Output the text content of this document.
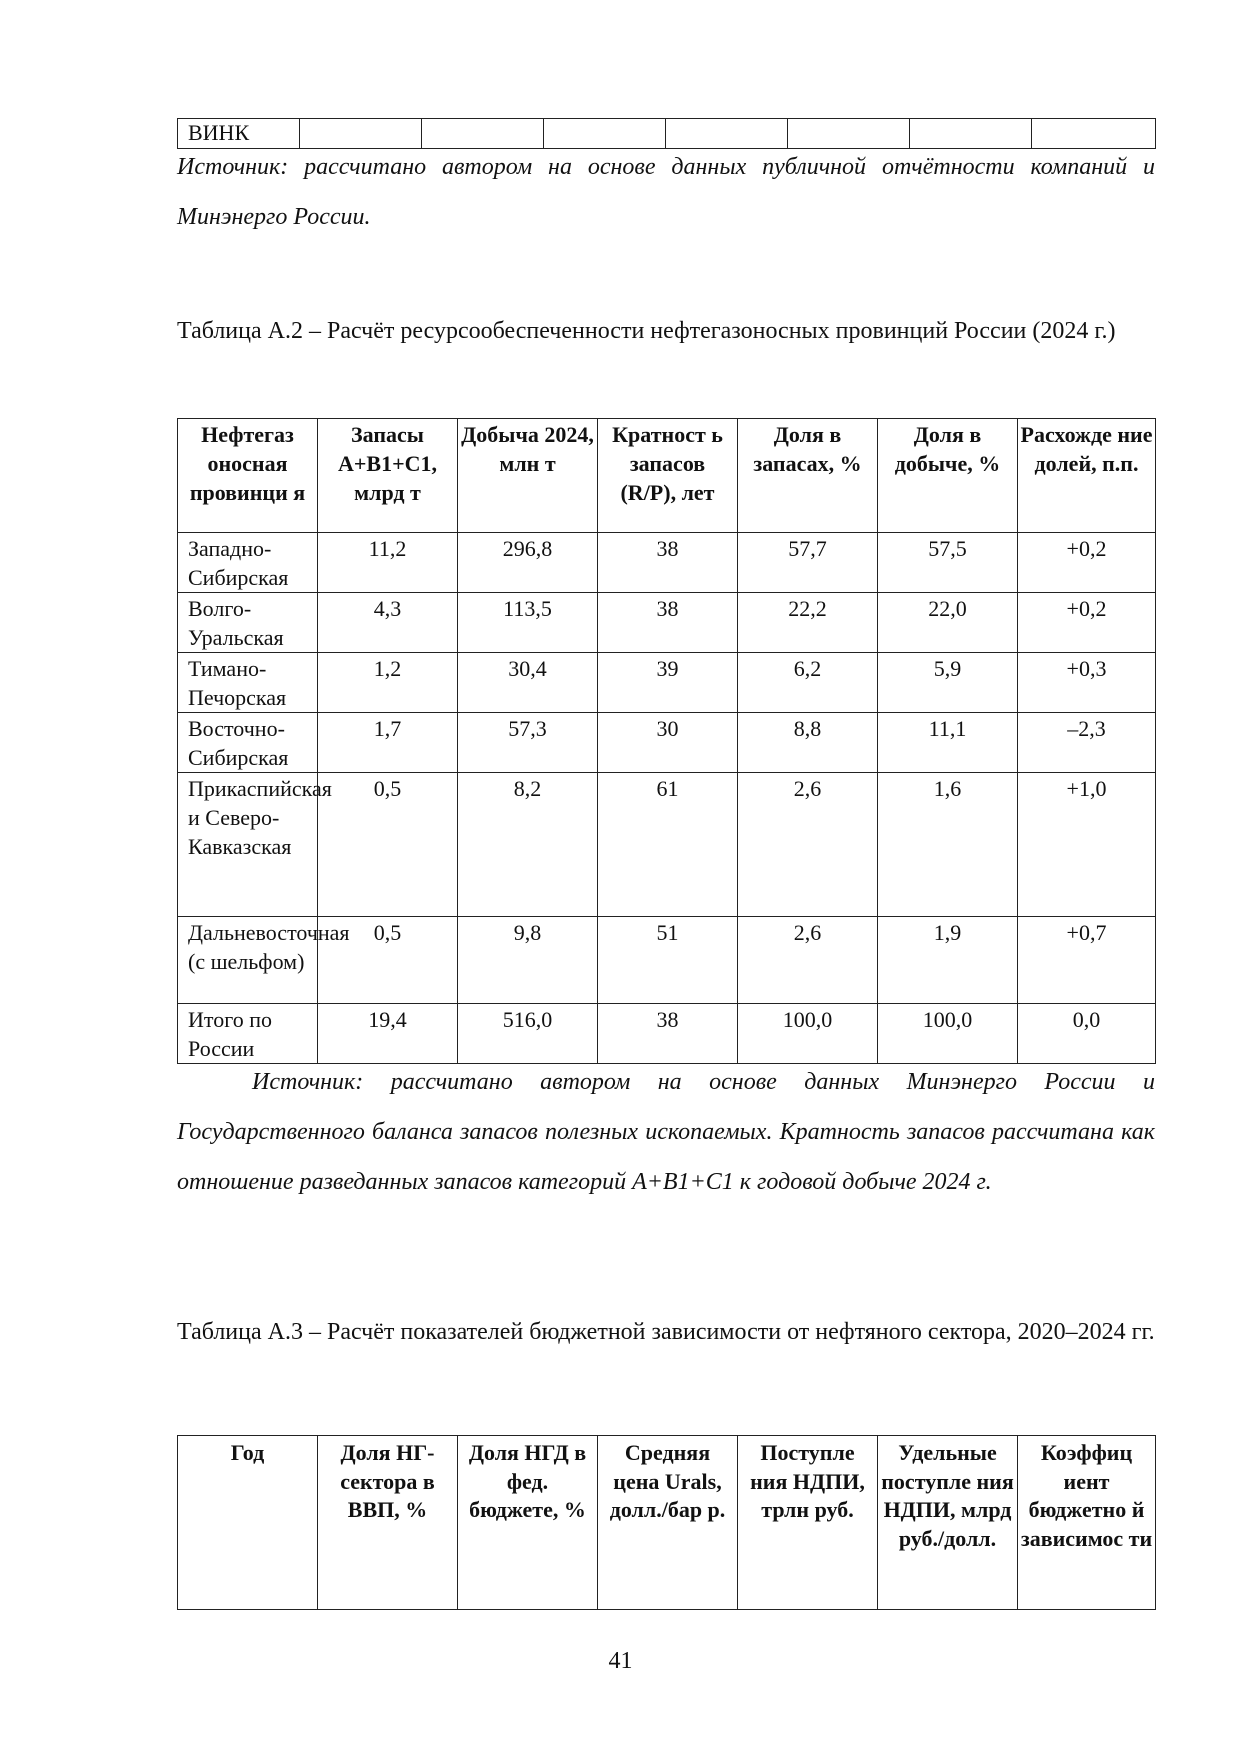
ВИНК							

Источник: рассчитано автором на основе данных публичной отчётности компаний и Минэнерго России.

Таблица А.2 – Расчёт ресурсообеспеченности нефтегазоносных провинций России (2024 г.)

Нефтегаз оносная провинци я	Запасы А+В1+С1, млрд т	Добыча 2024, млн т	Кратност ь запасов (R/P), лет	Доля в запасах, %	Доля в добыче, %	Расхожде ние долей, п.п.
Западно-Сибирская	11,2	296,8	38	57,7	57,5	+0,2
Волго-Уральская	4,3	113,5	38	22,2	22,0	+0,2
Тимано-Печорская	1,2	30,4	39	6,2	5,9	+0,3
Восточно-Сибирская	1,7	57,3	30	8,8	11,1	–2,3
Прикаспийская и Северо-Кавказская	0,5	8,2	61	2,6	1,6	+1,0
Дальневосточная (с шельфом)	0,5	9,8	51	2,6	1,9	+0,7
Итого по России	19,4	516,0	38	100,0	100,0	0,0

Источник: рассчитано автором на основе данных Минэнерго России и Государственного баланса запасов полезных ископаемых. Кратность запасов рассчитана как отношение разведанных запасов категорий А+В1+С1 к годовой добыче 2024 г.

Таблица А.3 – Расчёт показателей бюджетной зависимости от нефтяного сектора, 2020–2024 гг.

Год	Доля НГ-сектора в ВВП, %	Доля НГД в фед. бюджете, %	Средняя цена Urals, долл./бар р.	Поступле ния НДПИ, трлн руб.	Удельные поступле ния НДПИ, млрд руб./долл.	Коэффиц иент бюджетно й зависимос ти
41
